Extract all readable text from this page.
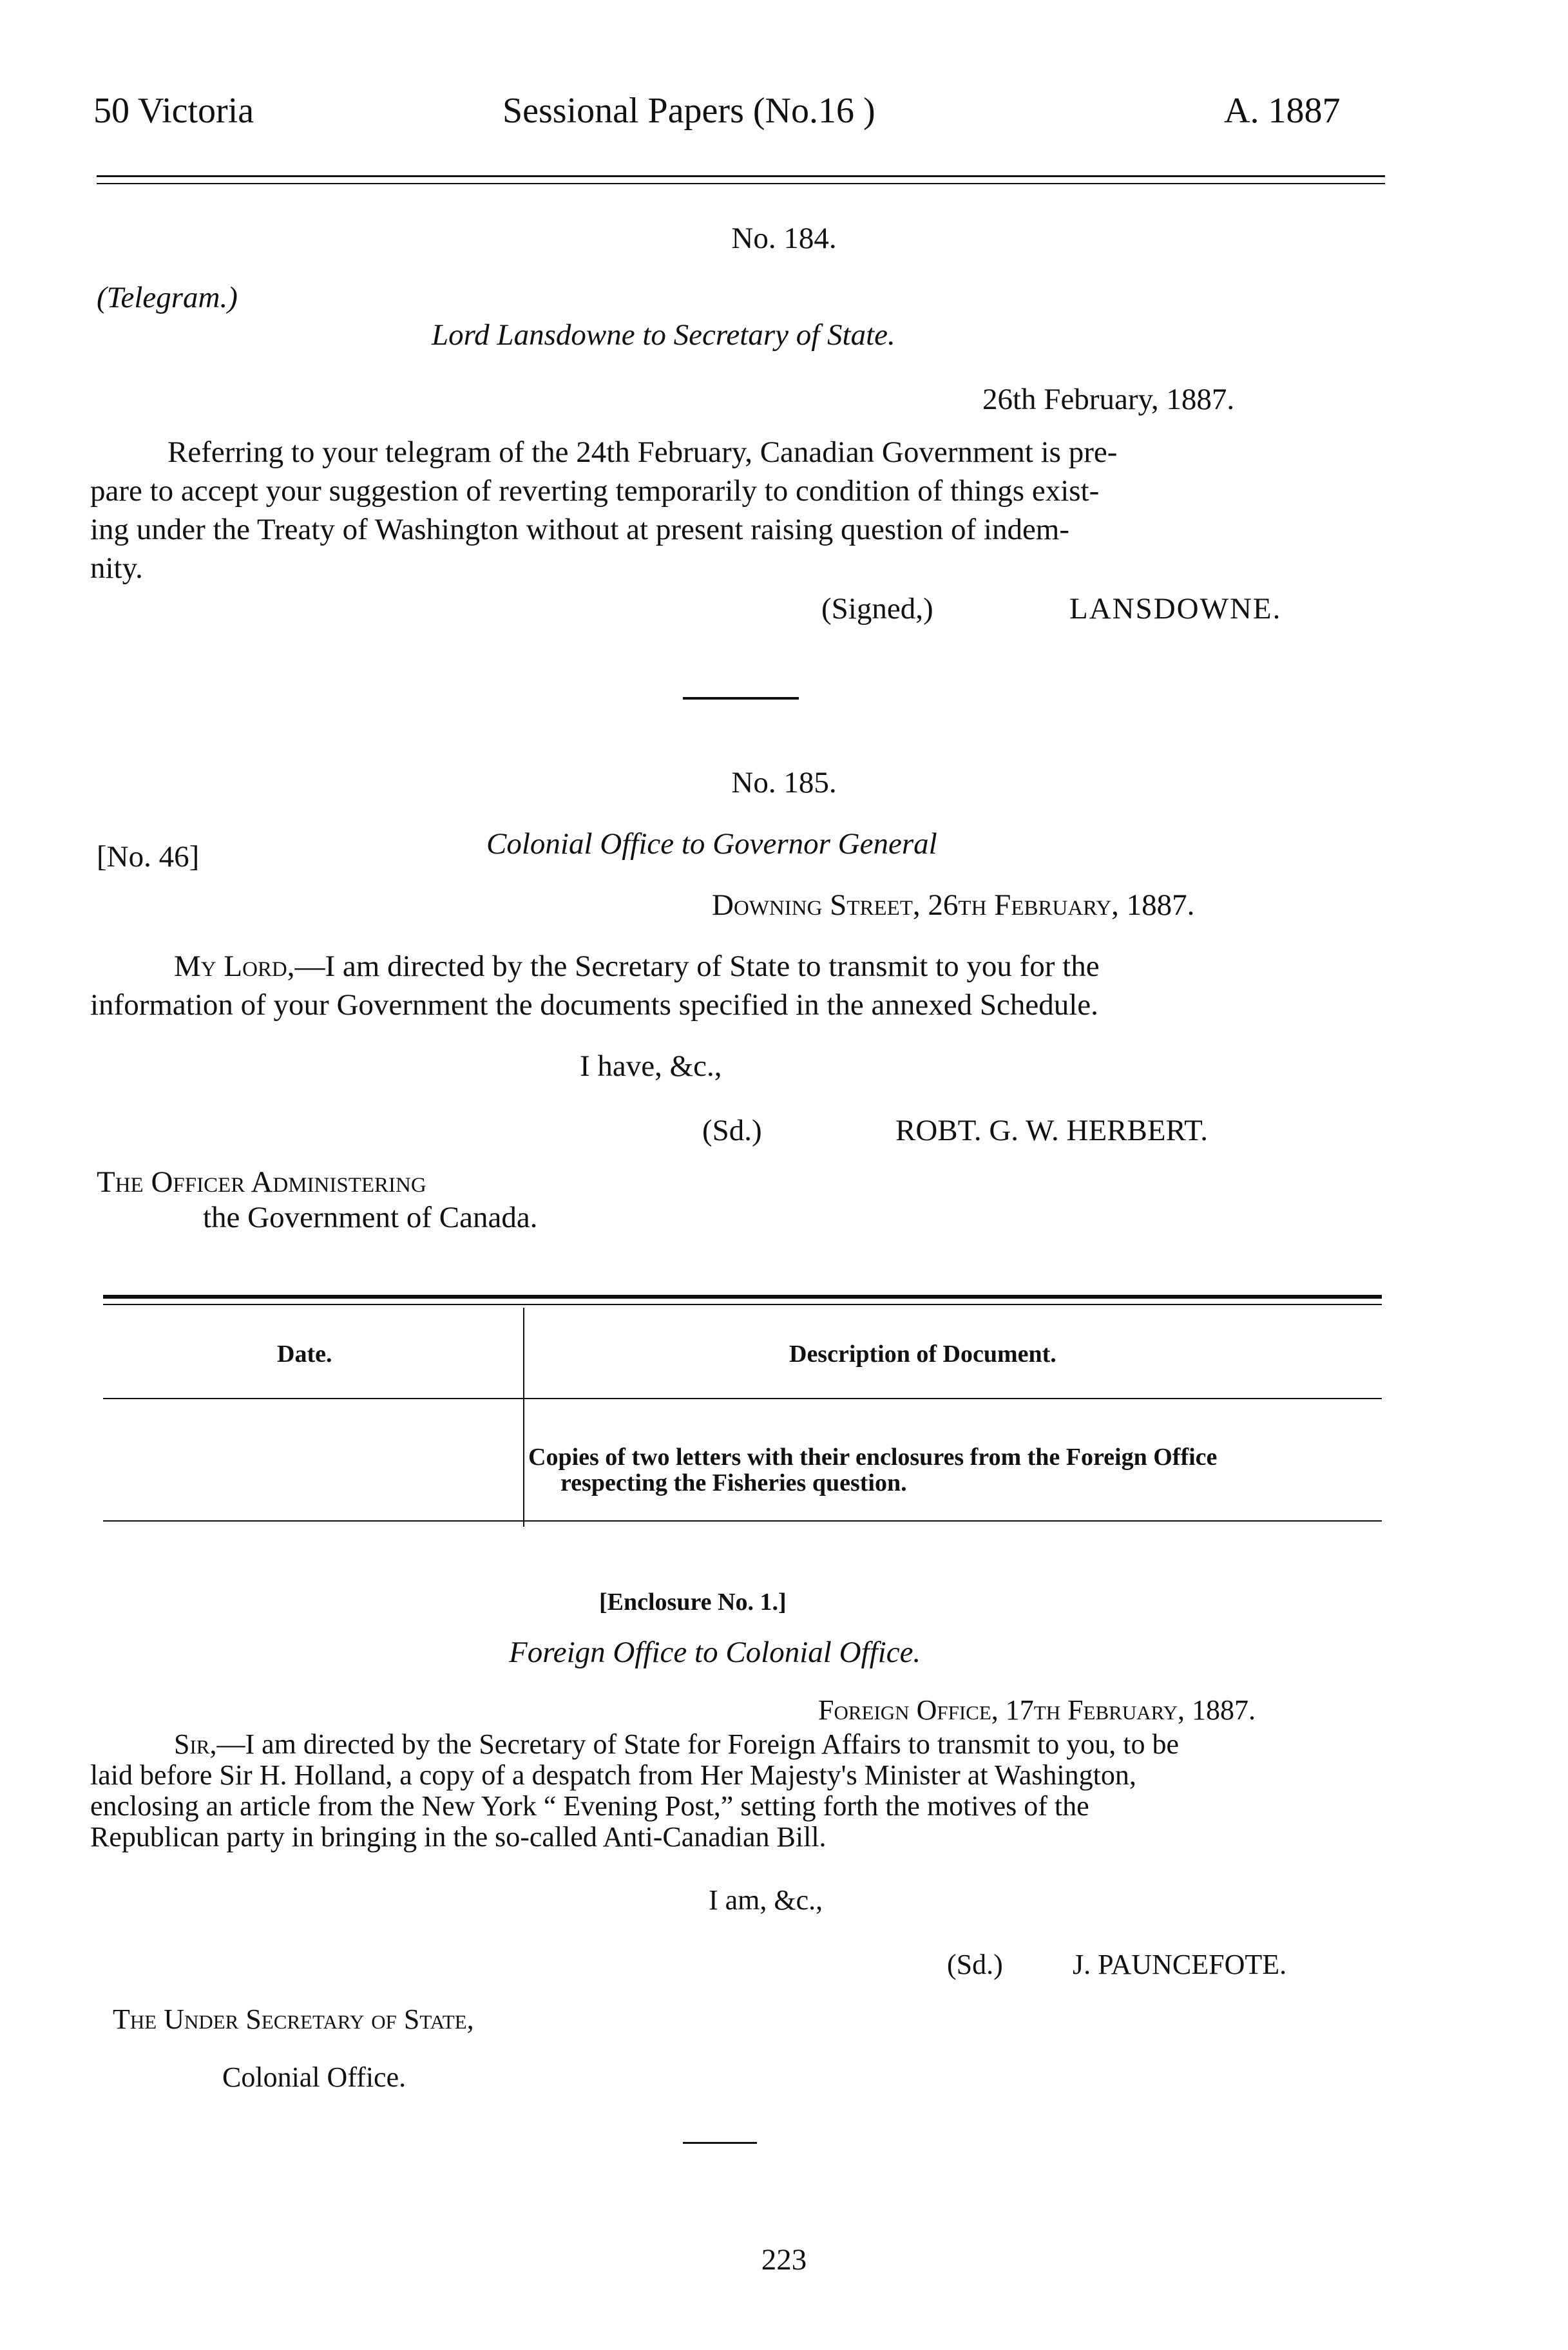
50 Victoria	Sessional Papers (No.16 )	A. 1887
No. 184.
(Telegram.)
Lord Lansdowne to Secretary of State.
26th February, 1887.
Referring to your telegram of the 24th February, Canadian Government is pre-
pare to accept your suggestion of reverting temporarily to condition of things exist-
ing under the Treaty of Washington without at present raising question of indem-
nity.
(Signed,)	LANSDOWNE.
No. 185.
[No. 46]	Colonial Office to Governor General
Downing Street, 26th February, 1887.
My Lord,—I am directed by the Secretary of State to transmit to you for the
information of your Government the documents specified in the annexed Schedule.
I have, &c.,
(Sd.)	ROBT. G. W. HERBERT.
The Officer Administering
the Government of Canada.
Date.	Description of Document.
Copies of two letters with their enclosures from the Foreign Office
respecting the Fisheries question.
[Enclosure No. 1.]
Foreign Office to Colonial Office.
Foreign Office, 17th February, 1887.
Sir,—I am directed by the Secretary of State for Foreign Affairs to transmit to you, to be
laid before Sir H. Holland, a copy of a despatch from Her Majesty's Minister at Washington,
enclosing an article from the New York “ Evening Post,” setting forth the motives of the
Republican party in bringing in the so-called Anti-Canadian Bill.
I am, &c.,
(Sd.) J. PAUNCEFOTE.
The Under Secretary of State,
Colonial Office.
223
